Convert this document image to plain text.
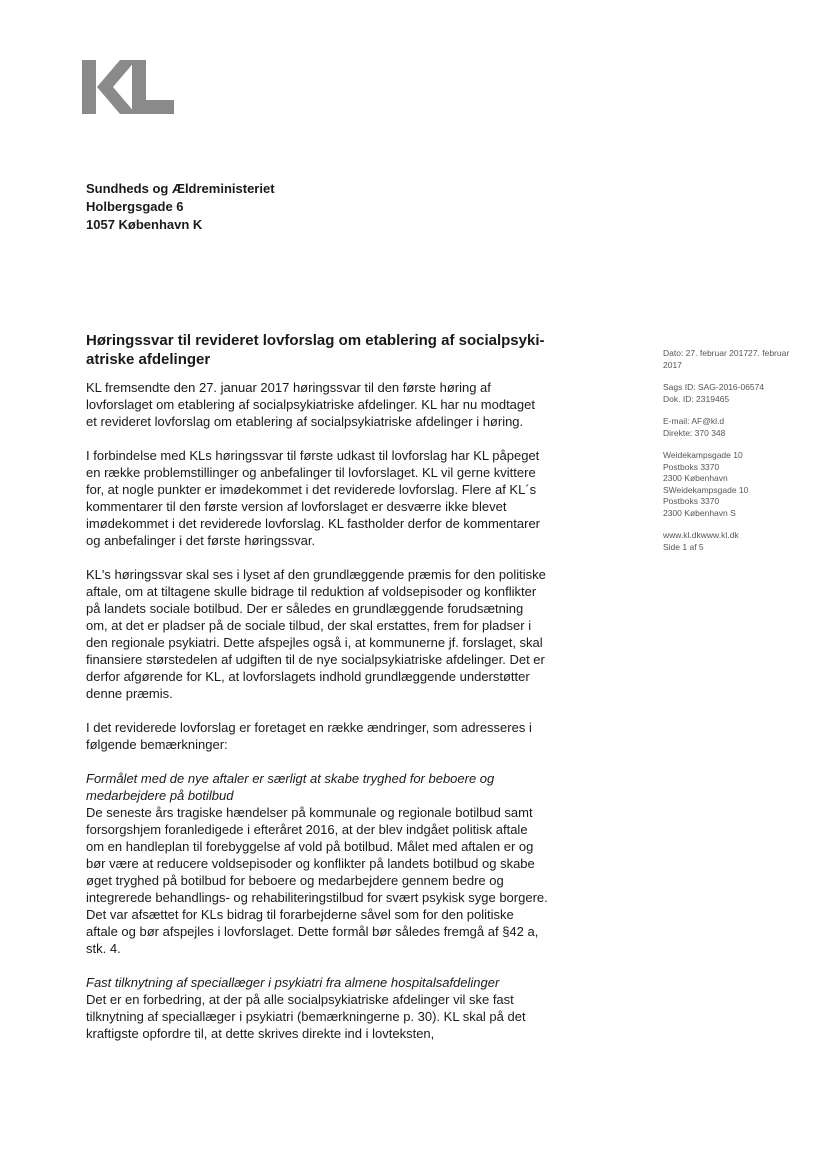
Sundheds og Ældreministeriet
Holbergsgade 6
1057 København K
Høringssvar til revideret lovforslag om etablering af socialpsyki-
atriske afdelinger

KL fremsendte den 27. januar 2017 høringssvar til den første høring af lovforslaget om etablering af socialpsykiatriske afdelinger. KL har nu modtaget et revideret lovforslag om etablering af socialpsykiatriske afdelinger i høring.

I forbindelse med KLs høringssvar til første udkast til lovforslag har KL påpeget en række problemstillinger og anbefalinger til lovforslaget. KL vil gerne kvittere for, at nogle punkter er imødekommet i det reviderede lovforslag. Flere af KL´s kommentarer til den første version af lovforslaget er desværre ikke blevet imødekommet i det reviderede lovforslag. KL fastholder derfor de kommentarer og anbefalinger i det første høringssvar.

KL's høringssvar skal ses i lyset af den grundlæggende præmis for den politiske aftale, om at tiltagene skulle bidrage til reduktion af voldsepisoder og konflikter på landets sociale botilbud. Der er således en grundlæggende forudsætning om, at det er pladser på de sociale tilbud, der skal erstattes, frem for pladser i den regionale psykiatri. Dette afspejles også i, at kommunerne jf. forslaget, skal finansiere størstedelen af udgiften til de nye socialpsykiatriske afdelinger. Det er derfor afgørende for KL, at lovforslagets indhold grundlæggende understøtter denne præmis.

I det reviderede lovforslag er foretaget en række ændringer, som adresseres i følgende bemærkninger:

Formålet med de nye aftaler er særligt at skabe tryghed for beboere og medarbejdere på botilbud
De seneste års tragiske hændelser på kommunale og regionale botilbud samt forsorgshjem foranledigede i efteråret 2016, at der blev indgået politisk aftale om en handleplan til forebyggelse af vold på botilbud. Målet med aftalen er og bør være at reducere voldsepisoder og konflikter på landets botilbud og skabe øget tryghed på botilbud for beboere og medarbejdere gennem bedre og integrerede behandlings- og rehabiliteringstilbud for svært psykisk syge borgere. Det var afsættet for KLs bidrag til forarbejderne såvel som for den politiske aftale og bør afspejles i lovforslaget. Dette formål bør således fremgå af §42 a, stk. 4.

Fast tilknytning af speciallæger i psykiatri fra almene hospitalsafdelinger
Det er en forbedring, at der på alle socialpsykiatriske afdelinger vil ske fast tilknytning af speciallæger i psykiatri (bemærkningerne p. 30). KL skal på det kraftigste opfordre til, at dette skrives direkte ind i lovteksten,

Dato: 27. februar 201727. februar 2017
Sags ID: SAG-2016-06574
Dok. ID: 2319465
E-mail: AF@kl.d
Direkte: 370 348
Weidekampsgade 10
Postboks 3370
2300 København
SWeidekampsgade 10
Postboks 3370
2300 København S
www.kl.dkwww.kl.dk
Side 1 af 5
